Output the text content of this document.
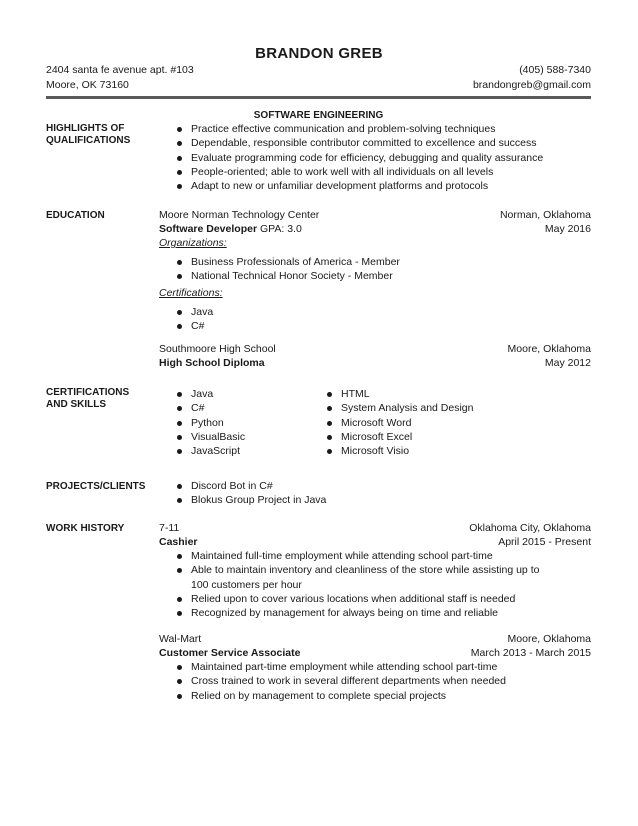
BRANDON GREB
2404 santa fe avenue apt. #103	(405) 588-7340
Moore, OK 73160	brandongreb@gmail.com
SOFTWARE ENGINEERING
HIGHLIGHTS OF
QUALIFICATIONS
Practice effective communication and problem-solving techniques
Dependable, responsible contributor committed to excellence and success
Evaluate programming code for efficiency, debugging and quality assurance
People-oriented; able to work well with all individuals on all levels
Adapt to new or unfamiliar development platforms and protocols
EDUCATION	Moore Norman Technology Center	Norman, Oklahoma
Software Developer GPA: 3.0	May 2016
Organizations:
Business Professionals of America - Member
National Technical Honor Society - Member
Certifications:
Java
C#
Southmoore High School	Moore, Oklahoma
High School Diploma	May 2012
CERTIFICATIONS
AND SKILLS
Java
C#
Python
VisualBasic
JavaScript
HTML
System Analysis and Design
Microsoft Word
Microsoft Excel
Microsoft Visio
PROJECTS/CLIENTS	Discord Bot in C#
Blokus Group Project in Java
WORK HISTORY	7-11	Oklahoma City, Oklahoma
Cashier	April 2015 - Present
Maintained full-time employment while attending school part-time
Able to maintain inventory and cleanliness of the store while assisting up to 100 customers per hour
Relied upon to cover various locations when additional staff is needed
Recognized by management for always being on time and reliable
Wal-Mart	Moore, Oklahoma
Customer Service Associate	March 2013 - March 2015
Maintained part-time employment while attending school part-time
Cross trained to work in several different departments when needed
Relied on by management to complete special projects
